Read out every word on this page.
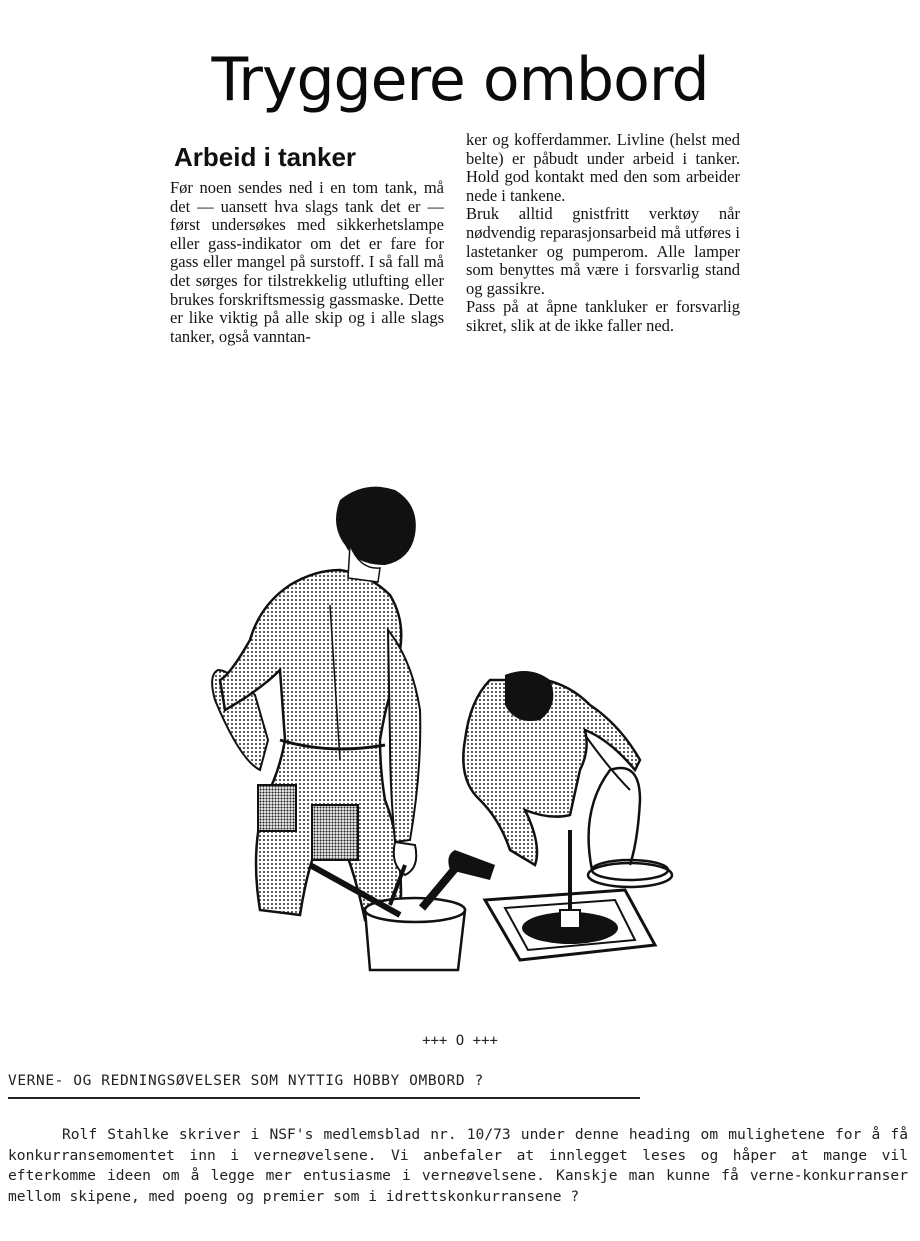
Tryggere ombord
Arbeid i tanker

Før noen sendes ned i en tom tank, må det — uansett hva slags tank det er — først undersøkes med sikkerhetslampe eller gass-indikator om det er fare for gass eller mangel på surstoff. I så fall må det sørges for tilstrekkelig utlufting eller brukes forskriftsmessig gassmaske. Dette er like viktig på alle skip og i alle slags tanker, også vanntan-

ker og kofferdammer. Livline (helst med belte) er påbudt under arbeid i tanker. Hold god kontakt med den som arbeider nede i tankene.

Bruk alltid gnistfritt verktøy når nødvendig reparasjonsarbeid må utføres i lastetanker og pumperom. Alle lamper som benyttes må være i forsvarlig stand og gassikre.

Pass på at åpne tankluker er forsvarlig sikret, slik at de ikke faller ned.

+++ O +++
VERNE- OG REDNINGSØVELSER SOM NYTTIG HOBBY OMBORD ?

Rolf Stahlke skriver i NSF's medlemsblad nr. 10/73 under denne heading om mulighetene for å få konkurransemomentet inn i verneøvelsene. Vi anbefaler at innlegget leses og håper at mange vil efterkomme ideen om å legge mer entusiasme i verneøvelsene. Kanskje man kunne få verne-konkurranser mellom skipene, med poeng og premier som i idrettskonkurransene ?
